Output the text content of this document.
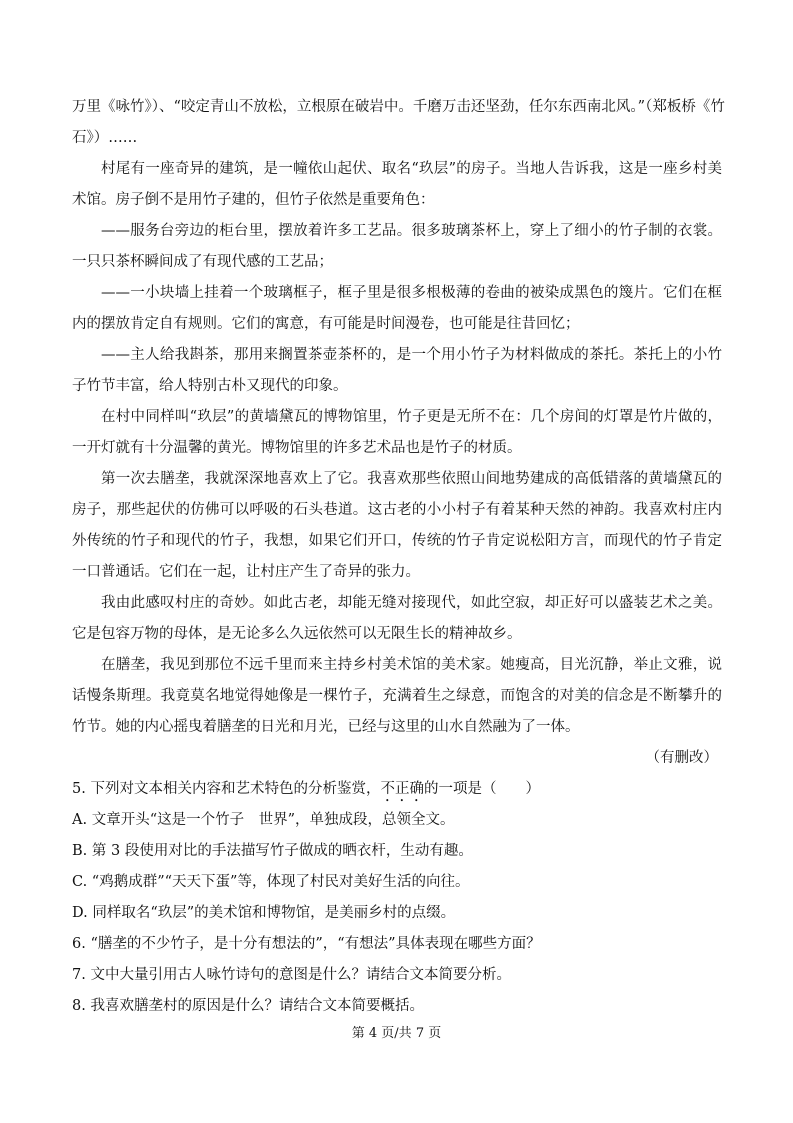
万里《咏竹》）、“咬定青山不放松，立根原在破岩中。千磨万击还坚劲，任尔东西南北风。”（郑板桥《竹
石》）……

村尾有一座奇异的建筑，是一幢依山起伏、取名“玖层”的房子。当地人告诉我，这是一座乡村美术馆。房子倒不是用竹子建的，但竹子依然是重要角色：

——服务台旁边的柜台里，摆放着许多工艺品。很多玻璃茶杯上，穿上了细小的竹子制的衣裳。一只只茶杯瞬间成了有现代感的工艺品；

——一小块墙上挂着一个玻璃框子，框子里是很多根极薄的卷曲的被染成黑色的篾片。它们在框内的摆放肯定自有规则。它们的寓意，有可能是时间漫卷，也可能是往昔回忆；

——主人给我斟茶，那用来搁置茶壶茶杯的，是一个用小竹子为材料做成的茶托。茶托上的小竹子竹节丰富，给人特别古朴又现代的印象。

在村中同样叫“玖层”的黄墙黛瓦的博物馆里，竹子更是无所不在：几个房间的灯罩是竹片做的，一开灯就有十分温馨的黄光。博物馆里的许多艺术品也是竹子的材质。

第一次去膳垄，我就深深地喜欢上了它。我喜欢那些依照山间地势建成的高低错落的黄墙黛瓦的房子，那些起伏的仿佛可以呼吸的石头巷道。这古老的小小村子有着某种天然的神韵。我喜欢村庄内外传统的竹子和现代的竹子，我想，如果它们开口，传统的竹子肯定说松阳方言，而现代的竹子肯定一口普通话。它们在一起，让村庄产生了奇异的张力。

我由此感叹村庄的奇妙。如此古老，却能无缝对接现代，如此空寂，却正好可以盛装艺术之美。它是包容万物的母体，是无论多么久远依然可以无限生长的精神故乡。

在膳垄，我见到那位不远千里而来主持乡村美术馆的美术家。她瘦高，目光沉静，举止文雅，说话慢条斯理。我竟莫名地觉得她像是一棵竹子，充满着生之绿意，而饱含的对美的信念是不断攀升的竹节。她的内心摇曳着膳垄的日光和月光，已经与这里的山水自然融为了一体。

（有删改）
5. 下列对文本相关内容和艺术特色的分析鉴赏，不正确的一项是（　　）
A. 文章开头“这是一个竹子　世界”，单独成段，总领全文。
B. 第 3 段使用对比的手法描写竹子做成的晒衣杆，生动有趣。
C. “鸡鹅成群”“天天下蛋”等，体现了村民对美好生活的向往。
D. 同样取名“玖层”的美术馆和博物馆，是美丽乡村的点缀。
6. “膳垄的不少竹子，是十分有想法的”，“有想法”具体表现在哪些方面？
7. 文中大量引用古人咏竹诗句的意图是什么？请结合文本简要分析。
8. 我喜欢膳垄村的原因是什么？请结合文本简要概括。
第 4 页/共 7 页
